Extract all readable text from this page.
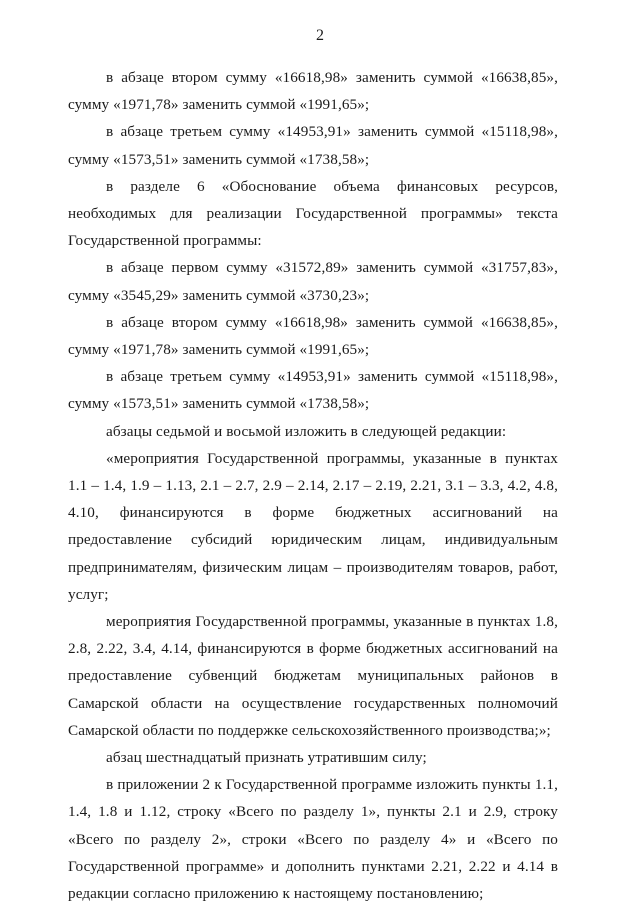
2

в абзаце втором сумму «16618,98» заменить суммой «16638,85», сумму «1971,78» заменить суммой «1991,65»;

в абзаце третьем сумму «14953,91» заменить суммой «15118,98», сумму «1573,51» заменить суммой «1738,58»;

в разделе 6 «Обоснование объема финансовых ресурсов, необходимых для реализации Государственной программы» текста Государственной программы:

в абзаце первом сумму «31572,89» заменить суммой «31757,83», сумму «3545,29» заменить суммой «3730,23»;

в абзаце втором сумму «16618,98» заменить суммой «16638,85», сумму «1971,78» заменить суммой «1991,65»;

в абзаце третьем сумму «14953,91» заменить суммой «15118,98», сумму «1573,51» заменить суммой «1738,58»;

абзацы седьмой и восьмой изложить в следующей редакции:

«мероприятия Государственной программы, указанные в пунктах 1.1 – 1.4, 1.9 – 1.13, 2.1 – 2.7, 2.9 – 2.14, 2.17 – 2.19, 2.21, 3.1 – 3.3, 4.2, 4.8, 4.10, финансируются в форме бюджетных ассигнований на предоставление субсидий юридическим лицам, индивидуальным предпринимателям, физическим лицам – производителям товаров, работ, услуг;

мероприятия Государственной программы, указанные в пунктах 1.8, 2.8, 2.22, 3.4, 4.14, финансируются в форме бюджетных ассигнований на предоставление субвенций бюджетам муниципальных районов в Самарской области на осуществление государственных полномочий Самарской области по поддержке сельскохозяйственного производства;»;

абзац шестнадцатый признать утратившим силу;

в приложении 2 к Государственной программе изложить пункты 1.1, 1.4, 1.8 и 1.12, строку «Всего по разделу 1», пункты 2.1 и 2.9, строку «Всего по разделу 2», строки «Всего по разделу 4» и «Всего по Государственной программе» и дополнить пунктами 2.21, 2.22 и 4.14 в редакции согласно приложению к настоящему постановлению;
